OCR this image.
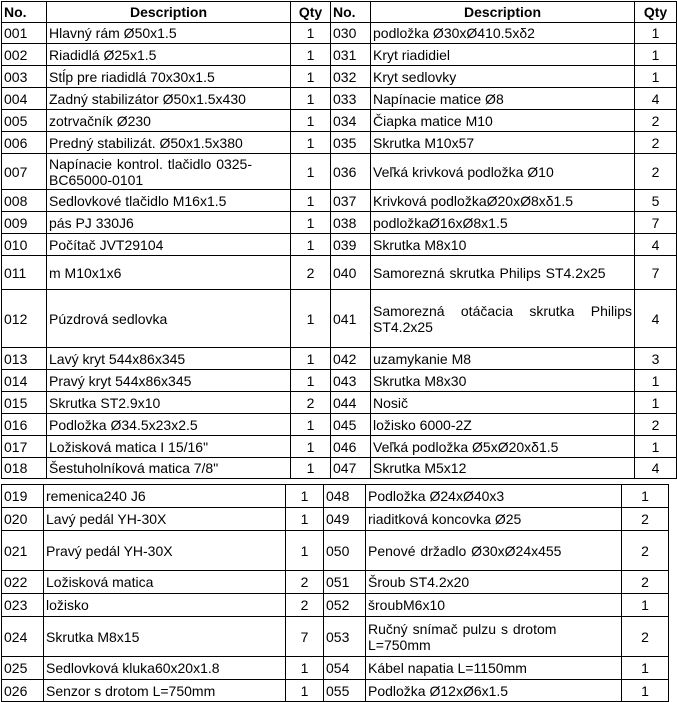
No.	Description	Qty	No.	Description	Qty
001	Hlavný rám Ø50x1.5	1	030	podložka Ø30xØ410.5xδ2	1
002	Riadidlá Ø25x1.5	1	031	Kryt riadidiel	1
003	Stĺp pre riadidlá 70x30x1.5	1	032	Kryt sedlovky	1
004	Zadný stabilizátor Ø50x1.5x430	1	033	Napínacie matice Ø8	4
005	zotrvačník Ø230	1	034	Čiapka matice M10	2
006	Predný stabilizát. Ø50x1.5x380	1	035	Skrutka M10x57	2
007	Napínacie kontrol. tlačidlo 0325-BC65000-0101	1	036	Veľká krivková podložka Ø10	2
008	Sedlovkové tlačidlo M16x1.5	1	037	Krivková podložkaØ20xØ8xδ1.5	5
009	pás PJ 330J6	1	038	podložkaØ16xØ8x1.5	7
010	Počítač JVT29104	1	039	Skrutka M8x10	4
011	m M10x1x6	2	040	Samorezná skrutka Philips ST4.2x25	7
012	Púzdrová sedlovka	1	041	Samorezná otáčacia skrutka Philips ST4.2x25	4
013	Lavý kryt 544x86x345	1	042	uzamykanie M8	3
014	Pravý kryt 544x86x345	1	043	Skrutka M8x30	1
015	Skrutka ST2.9x10	2	044	Nosič	1
016	Podložka Ø34.5x23x2.5	1	045	ložisko 6000-2Z	2
017	Ložisková matica I 15/16"	1	046	Veľká podložka Ø5xØ20xδ1.5	1
018	Šestuholníková matica 7/8"	1	047	Skrutka M5x12	4
019	remenica240 J6	1	048	Podložka Ø24xØ40x3	1
020	Lavý pedál YH-30X	1	049	riaditková koncovka Ø25	2
021	Pravý pedál YH-30X	1	050	Penové držadlo Ø30xØ24x455	2
022	Ložisková matica	2	051	Šroub ST4.2x20	2
023	ložisko	2	052	šroubM6x10	1
024	Skrutka M8x15	7	053	Ručný snímač pulzu s drotom L=750mm	2
025	Sedlovková kluka60x20x1.8	1	054	Kábel napatia L=1150mm	1
026	Senzor s drotom L=750mm	1	055	Podložka Ø12xØ6x1.5	1
